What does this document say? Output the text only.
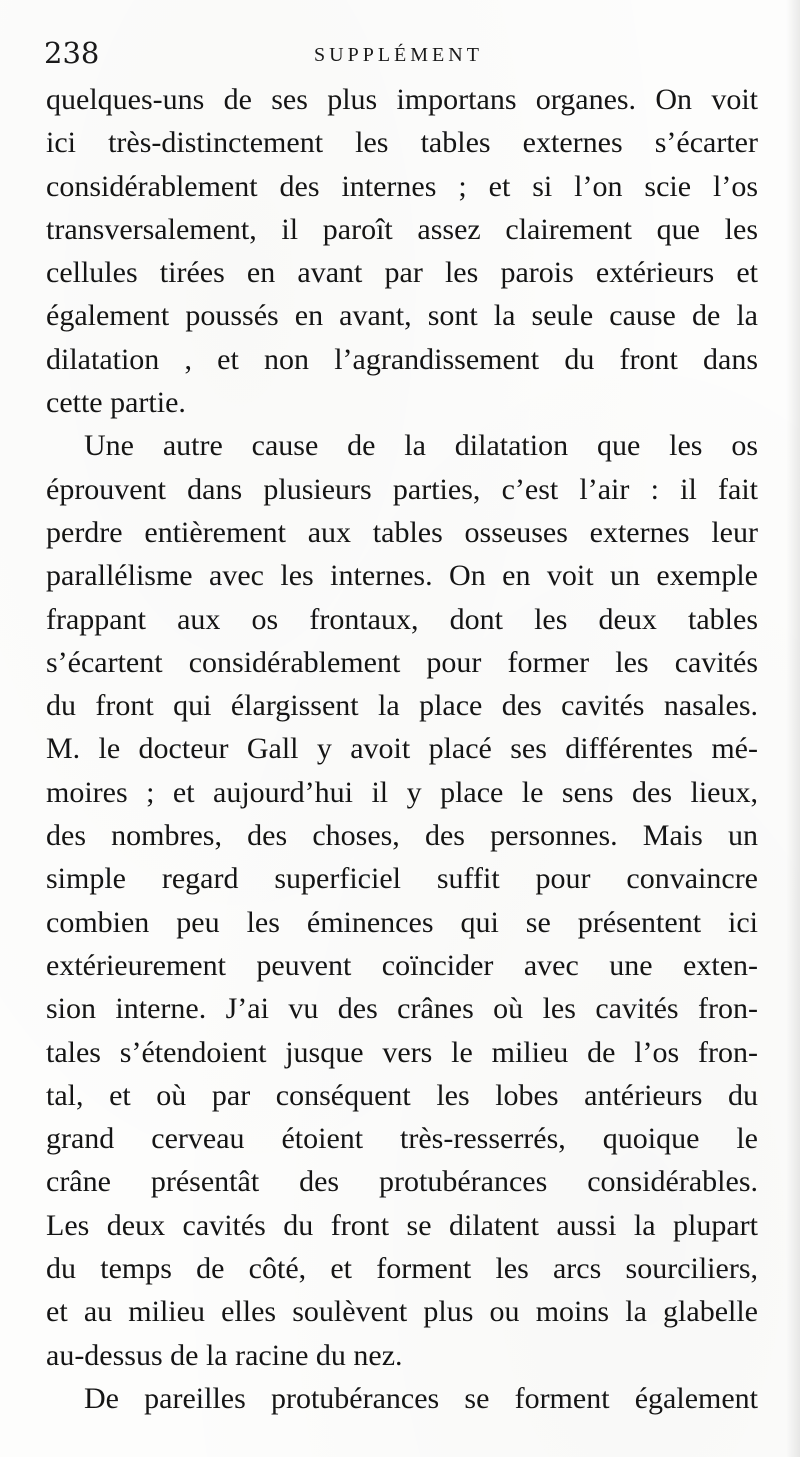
238	SUPPLÉMENT
quelques-uns de ses plus importans organes. On voit
ici très-distinctement les tables externes s’écarter
considérablement des internes ; et si l’on scie l’os
transversalement, il paroît assez clairement que les
cellules tirées en avant par les parois extérieurs et
également poussés en avant, sont la seule cause de la
dilatation , et non l’agrandissement du front dans
cette partie.
Une autre cause de la dilatation que les os
éprouvent dans plusieurs parties, c’est l’air : il fait
perdre entièrement aux tables osseuses externes leur
parallélisme avec les internes. On en voit un exemple
frappant aux os frontaux, dont les deux tables
s’écartent considérablement pour former les cavités
du front qui élargissent la place des cavités nasales.
M. le docteur Gall y avoit placé ses différentes mé-
moires ; et aujourd’hui il y place le sens des lieux,
des nombres, des choses, des personnes. Mais un
simple regard superficiel suffit pour convaincre
combien peu les éminences qui se présentent ici
extérieurement peuvent coïncider avec une exten-
sion interne. J’ai vu des crânes où les cavités fron-
tales s’étendoient jusque vers le milieu de l’os fron-
tal, et où par conséquent les lobes antérieurs du
grand cerveau étoient très-resserrés, quoique le
crâne présentât des protubérances considérables.
Les deux cavités du front se dilatent aussi la plupart
du temps de côté, et forment les arcs sourciliers,
et au milieu elles soulèvent plus ou moins la glabelle
au-dessus de la racine du nez.
De pareilles protubérances se forment également
